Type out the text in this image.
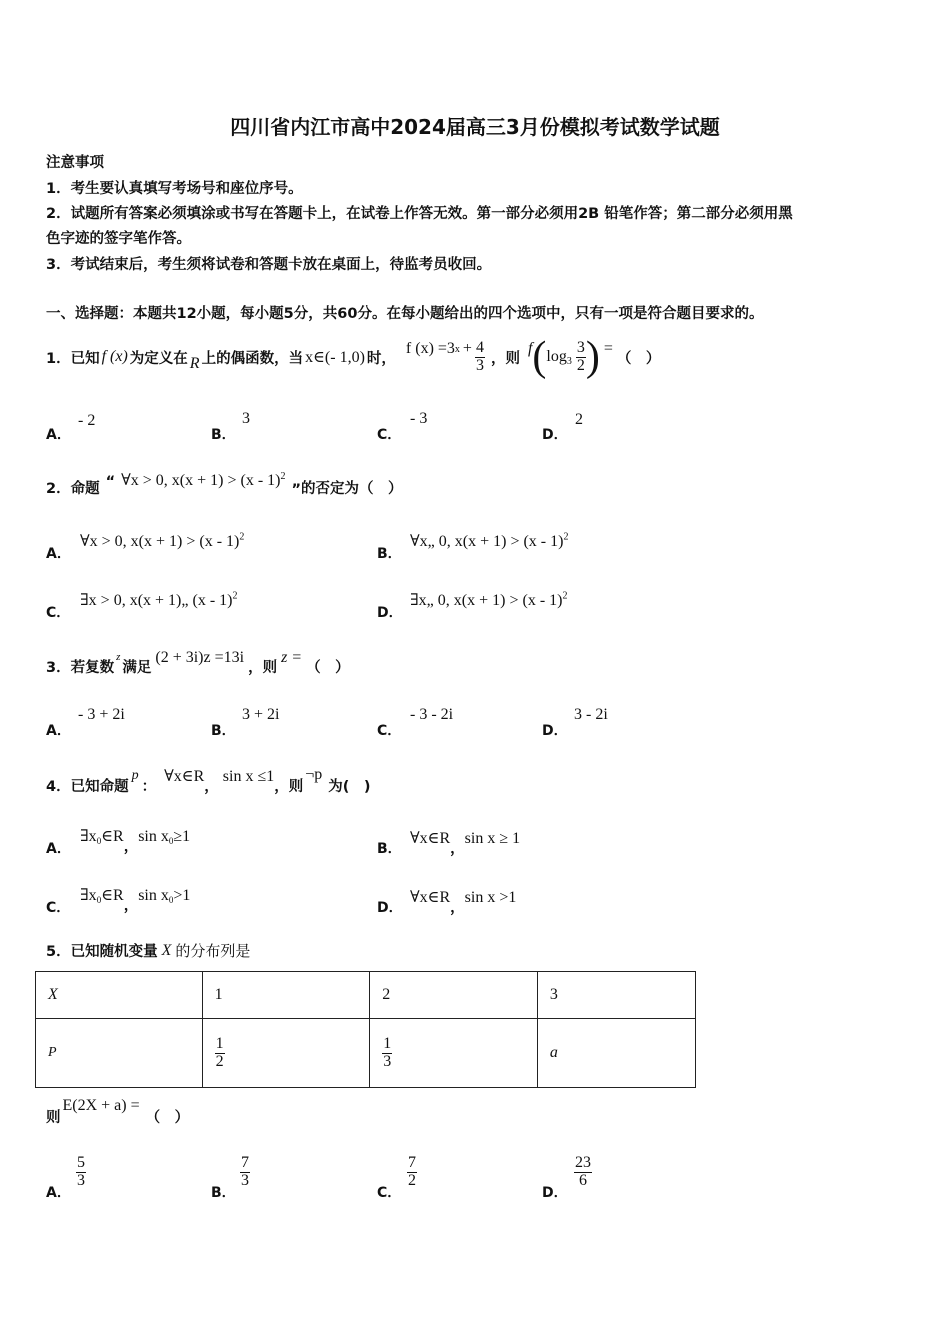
四川省内江市高中2024届高三3月份模拟考试数学试题
注意事项
1．考生要认真填写考场号和座位序号。
2．试题所有答案必须填涂或书写在答题卡上，在试卷上作答无效。第一部分必须用2B 铅笔作答；第二部分必须用黑
色字迹的签字笔作答。
3．考试结束后，考生须将试卷和答题卡放在桌面上，待监考员收回。
一、选择题：本题共12小题，每小题5分，共60分。在每小题给出的四个选项中，只有一项是符合题目要求的。
1．已知 f (x) 为定义在 R 上的偶函数，当 x∈(- 1,0) 时，
f $(x) =3^x + \frac{4}{3}$ ，则
f ( $\log_3 \frac{3}{2}$ ) =
（　）
A．
- 2
B．
3
C．
- 3
D．
2
2．命题 “ ∀x > 0, x(x + 1) > (x - 1)$^2$
” 的否定为（　）
A．
∀x > 0, x(x + 1) > (x - 1)$^2$
B．
∀x„ 0, x(x + 1) > (x - 1)$^2$
C．
∃x > 0, x(x + 1)„ (x - 1)$^2$
D．
∃x„ 0, x(x + 1) > (x - 1)$^2$
3．若复数
z
满足
(2 + 3i)z =13i
，则
z =
（　）
A．
- 3 + 2i
B．
3 + 2i
C．
- 3 - 2i
D．
3 - 2i
4．已知命题
p
：
∀x∈R
，
sin x ≤1
，则
¬p
为(　)
A．
$\exists x_0$ ∈R
，
$\sin x_0 \ge 1$
B．
∀x∈R
，
sin x ≥ 1
C．
$\exists x_0$ ∈R
，
$\sin x_0 >1$
D．
∀x∈R
，
sin x >1
5．已知随机变量 X 的分布列是
X	1	2	3
P	$\frac{1}{2}$	$\frac{1}{3}$	a
则
E(2X + a) =
（　）
A．
$\frac{5}{3}$
B．
$\frac{7}{3}$
C．
$\frac{7}{2}$
D．
$\frac{23}{6}$
